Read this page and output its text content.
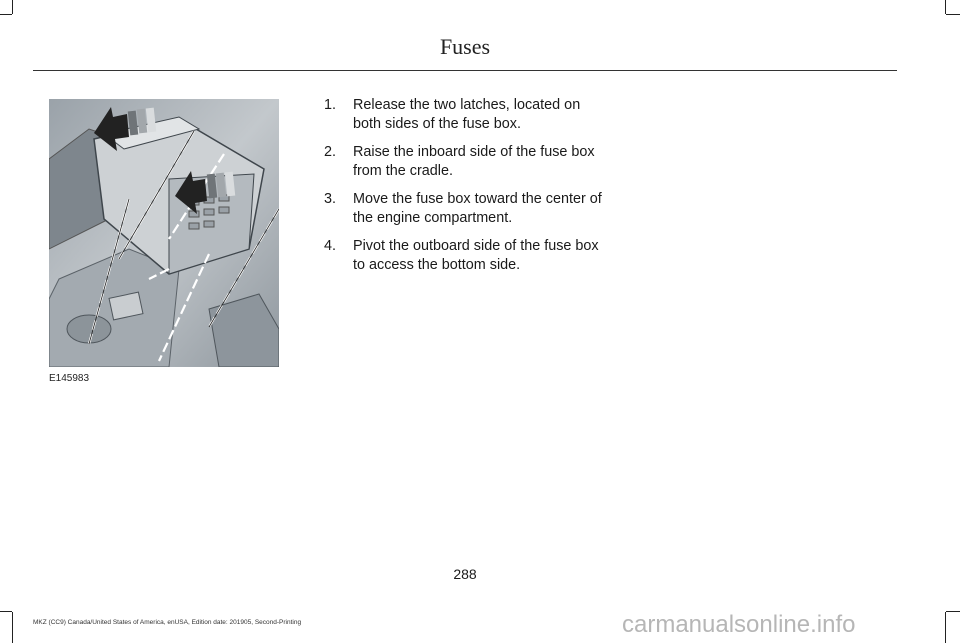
Fuses
E145983
1. Release the two latches, located on both sides of the fuse box.
2. Raise the inboard side of the fuse box from the cradle.
3. Move the fuse box toward the center of the engine compartment.
4. Pivot the outboard side of the fuse box to access the bottom side.
288
MKZ (CC9) Canada/United States of America, enUSA, Edition date: 201905, Second-Printing	carmanualsonline.info
